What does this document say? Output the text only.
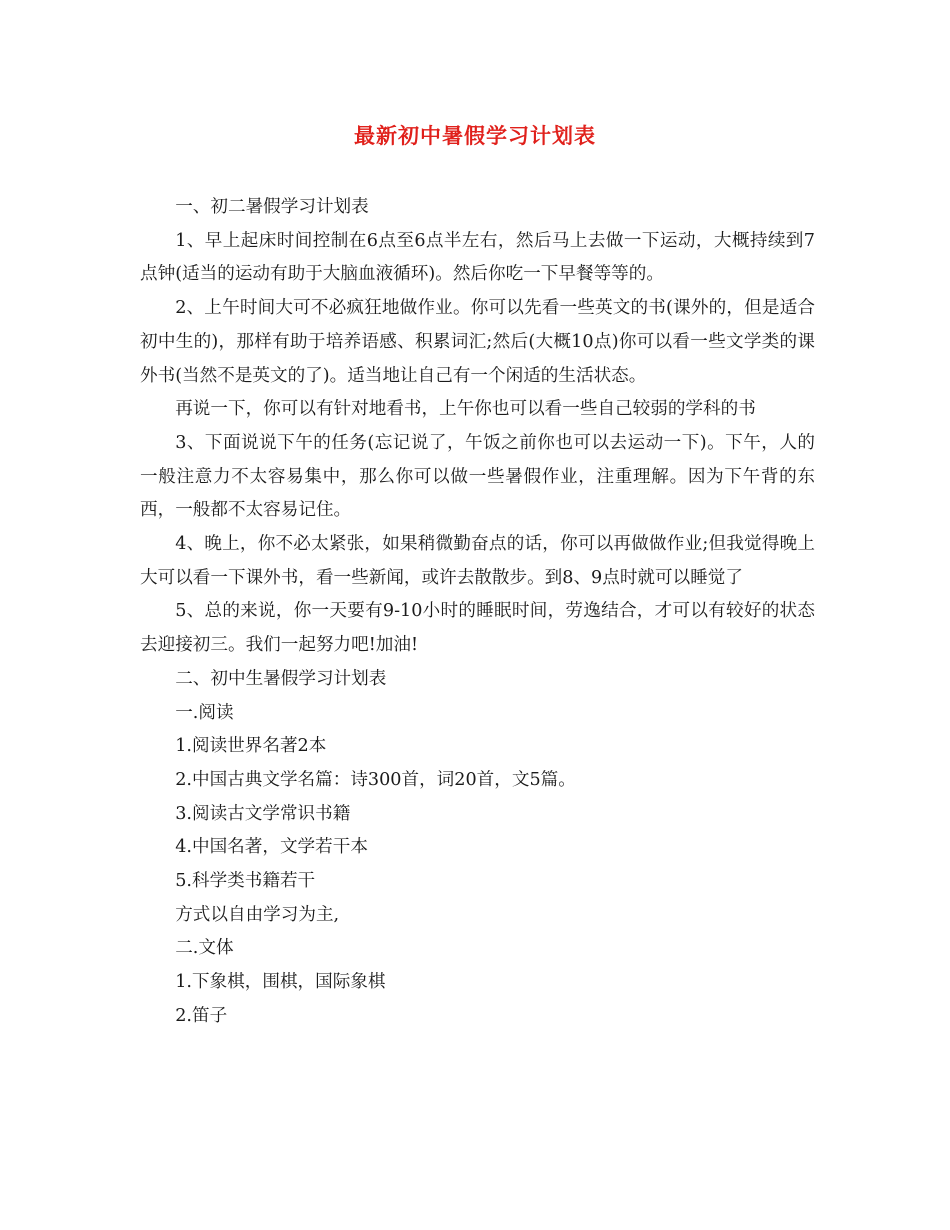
最新初中暑假学习计划表

一、初二暑假学习计划表

1、早上起床时间控制在6点至6点半左右，然后马上去做一下运动，大概持续到7点钟(适当的运动有助于大脑血液循环)。然后你吃一下早餐等等的。

2、上午时间大可不必疯狂地做作业。你可以先看一些英文的书(课外的，但是适合初中生的)，那样有助于培养语感、积累词汇;然后(大概10点)你可以看一些文学类的课外书(当然不是英文的了)。适当地让自己有一个闲适的生活状态。

再说一下，你可以有针对地看书，上午你也可以看一些自己较弱的学科的书

3、下面说说下午的任务(忘记说了，午饭之前你也可以去运动一下)。下午，人的一般注意力不太容易集中，那么你可以做一些暑假作业，注重理解。因为下午背的东西，一般都不太容易记住。

4、晚上，你不必太紧张，如果稍微勤奋点的话，你可以再做做作业;但我觉得晚上大可以看一下课外书，看一些新闻，或许去散散步。到8、9点时就可以睡觉了

5、总的来说，你一天要有9-10小时的睡眠时间，劳逸结合，才可以有较好的状态去迎接初三。我们一起努力吧!加油!

二、初中生暑假学习计划表

一.阅读

1.阅读世界名著2本

2.中国古典文学名篇：诗300首，词20首，文5篇。

3.阅读古文学常识书籍

4.中国名著，文学若干本

5.科学类书籍若干

方式以自由学习为主,

二.文体

1.下象棋，围棋，国际象棋

2.笛子
